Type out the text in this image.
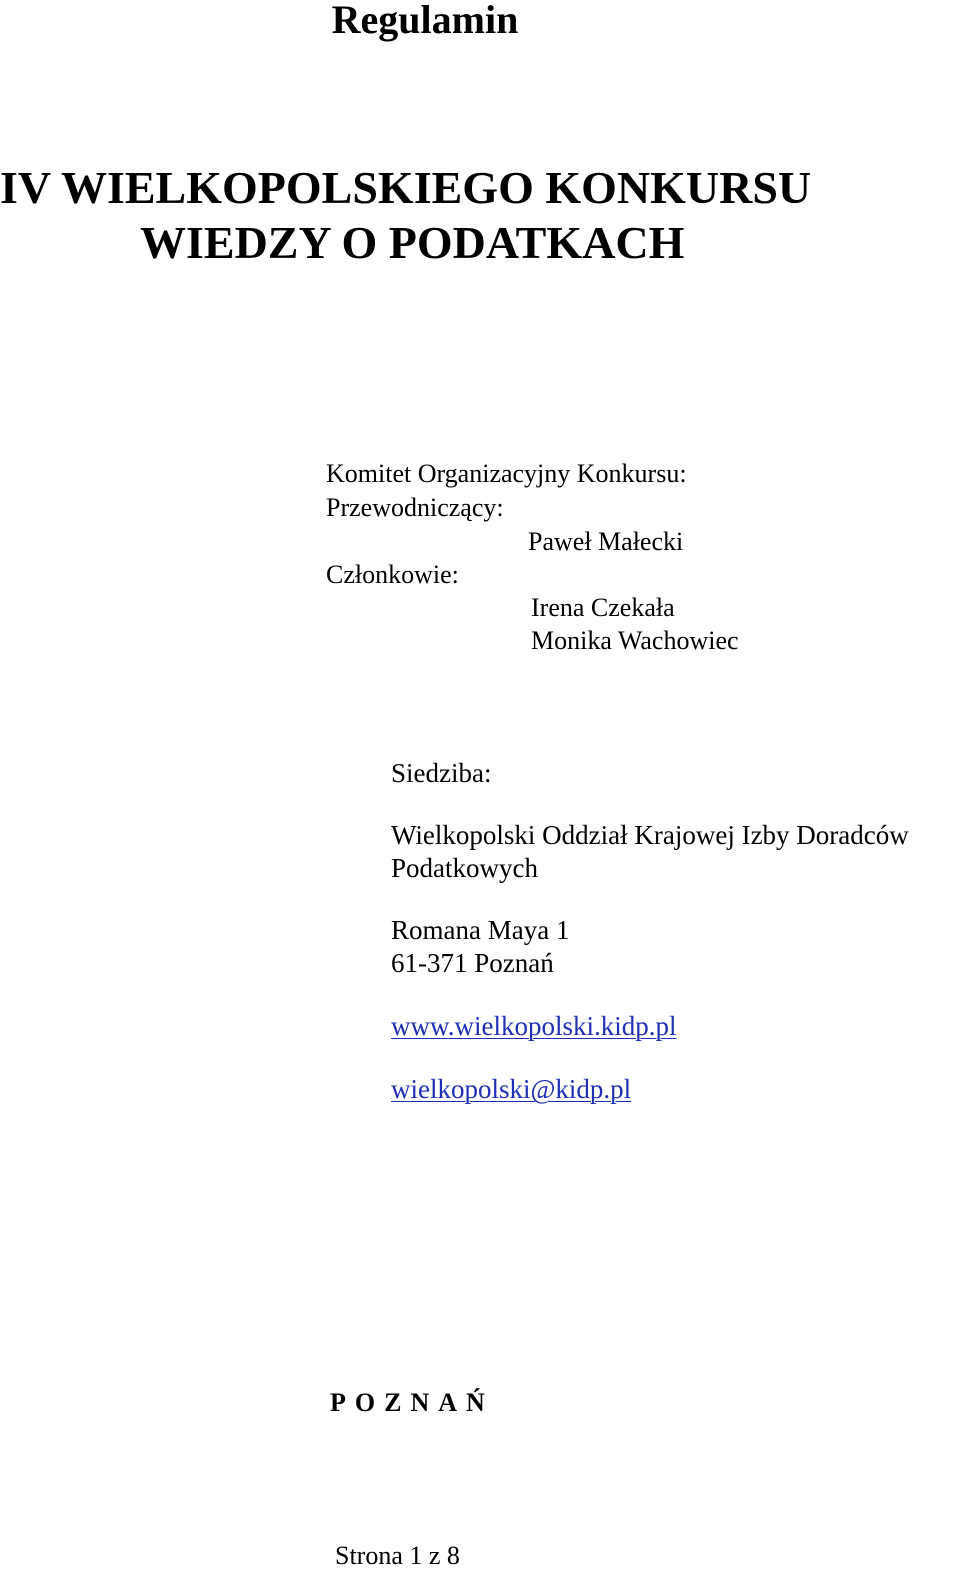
Regulamin
IV WIELKOPOLSKIEGO KONKURSU
WIEDZY O PODATKACH
Komitet Organizacyjny Konkursu:
Przewodniczący:
Paweł Małecki
Członkowie:
Irena Czekała
Monika Wachowiec
Siedziba:
Wielkopolski Oddział Krajowej Izby Doradców
Podatkowych
Romana Maya 1
61-371 Poznań
www.wielkopolski.kidp.pl
wielkopolski@kidp.pl
POZNAŃ
Strona 1 z 8
